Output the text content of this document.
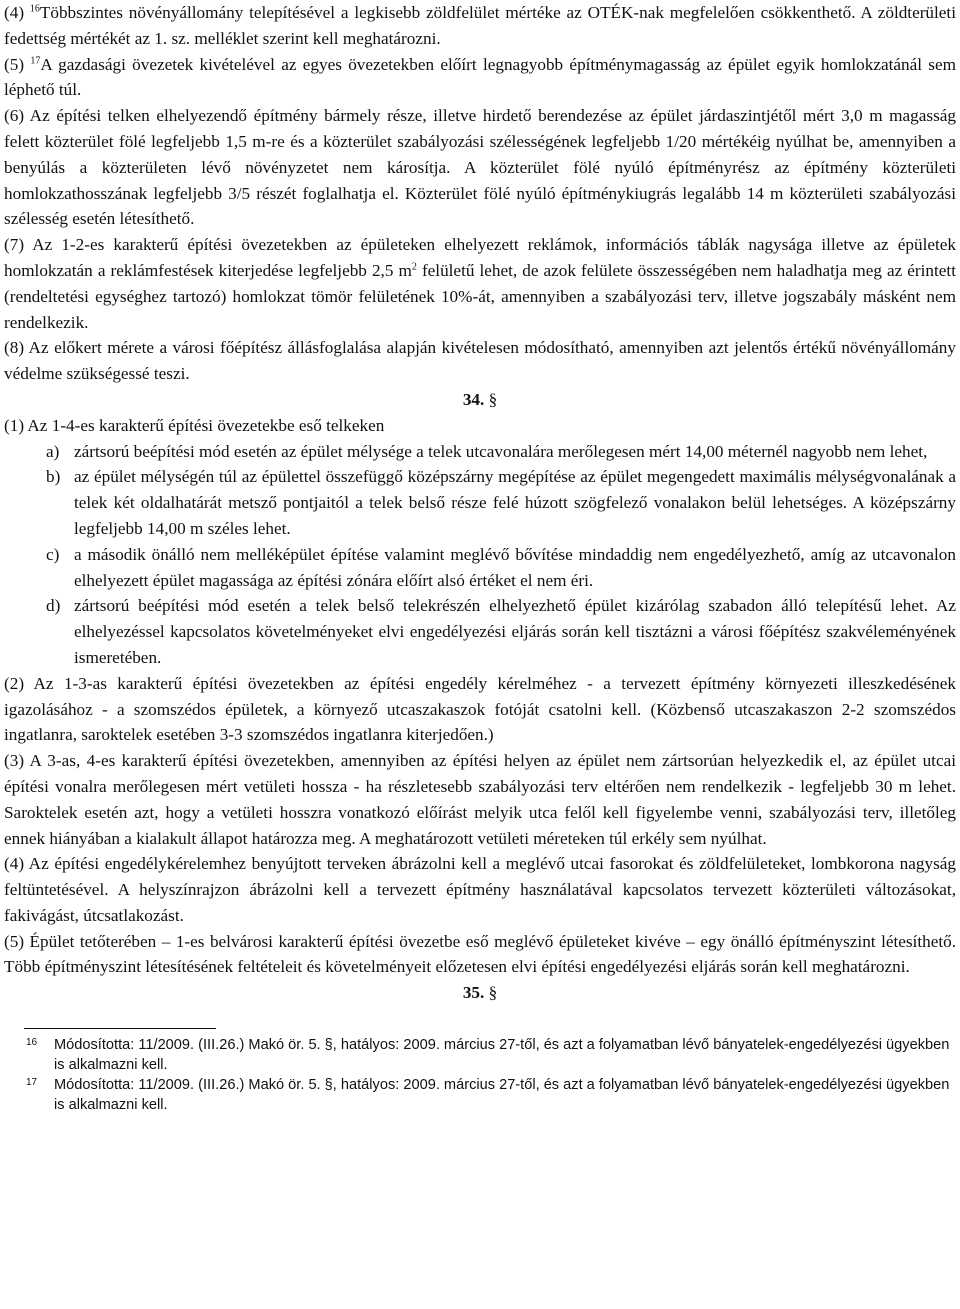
(4) $^{16}$Többszintes növényállomány telepítésével a legkisebb zöldfelület mértéke az OTÉK-nak megfelelően csökkenthető. A zöldterületi fedettség mértékét az 1. sz. melléklet szerint kell meghatározni.

(5) $^{17}$A gazdasági övezetek kivételével az egyes övezetekben előírt legnagyobb építménymagasság az épület egyik homlokzatánál sem léphető túl.

(6) Az építési telken elhelyezendő építmény bármely része, illetve hirdető berendezése az épület járdaszintjétől mért 3,0 m magasság felett közterület fölé legfeljebb 1,5 m-re és a közterület szabályozási szélességének legfeljebb 1/20 mértékéig nyúlhat be, amennyiben a benyúlás a közterületen lévő növényzetet nem károsítja. A közterület fölé nyúló építményrész az építmény közterületi homlokzathosszának legfeljebb 3/5 részét foglalhatja el. Közterület fölé nyúló építménykiugrás legalább 14 m közterületi szabályozási szélesség esetén létesíthető.

(7) Az 1-2-es karakterű építési övezetekben az épületeken elhelyezett reklámok, információs táblák nagysága illetve az épületek homlokzatán a reklámfestések kiterjedése legfeljebb 2,5 $m^2$ felületű lehet, de azok felülete összességében nem haladhatja meg az érintett (rendeltetési egységhez tartozó) homlokzat tömör felületének 10%-át, amennyiben a szabályozási terv, illetve jogszabály másként nem rendelkezik.

(8) Az előkert mérete a városi főépítész állásfoglalása alapján kivételesen módosítható, amennyiben azt jelentős értékű növényállomány védelme szükségessé teszi.

34. §

(1) Az 1-4-es karakterű építési övezetekbe eső telkeken

a) zártsorú beépítési mód esetén az épület mélysége a telek utcavonalára merőlegesen mért 14,00 méternél nagyobb nem lehet,
b) az épület mélységén túl az épülettel összefüggő középszárny megépítése az épület megengedett maximális mélységvonalának a telek két oldalhatárát metsző pontjaitól a telek belső része felé húzott szögfelező vonalakon belül lehetséges. A középszárny legfeljebb 14,00 m széles lehet.
c) a második önálló nem melléképület építése valamint meglévő bővítése mindaddig nem engedélyezhető, amíg az utcavonalon elhelyezett épület magassága az építési zónára előírt alsó értéket el nem éri.
d) zártsorú beépítési mód esetén a telek belső telekrészén elhelyezhető épület kizárólag szabadon álló telepítésű lehet. Az elhelyezéssel kapcsolatos követelményeket elvi engedélyezési eljárás során kell tisztázni a városi főépítész szakvéleményének ismeretében.

(2) Az 1-3-as karakterű építési övezetekben az építési engedély kérelméhez - a tervezett építmény környezeti illeszkedésének igazolásához - a szomszédos épületek, a környező utcaszakaszok fotóját csatolni kell. (Közbenső utcaszakaszon 2-2 szomszédos ingatlanra, saroktelek esetében 3-3 szomszédos ingatlanra kiterjedően.)

(3) A 3-as, 4-es karakterű építési övezetekben, amennyiben az építési helyen az épület nem zártsorúan helyezkedik el, az épület utcai építési vonalra merőlegesen mért vetületi hossza - ha részletesebb szabályozási terv eltérően nem rendelkezik - legfeljebb 30 m lehet. Saroktelek esetén azt, hogy a vetületi hosszra vonatkozó előírást melyik utca felől kell figyelembe venni, szabályozási terv, illetőleg ennek hiányában a kialakult állapot határozza meg. A meghatározott vetületi méreteken túl erkély sem nyúlhat.

(4) Az építési engedélykérelemhez benyújtott terveken ábrázolni kell a meglévő utcai fasorokat és zöldfelületeket, lombkorona nagyság feltüntetésével. A helyszínrajzon ábrázolni kell a tervezett építmény használatával kapcsolatos tervezett közterületi változásokat, fakivágást, útcsatlakozást.

(5) Épület tetőterében – 1-es belvárosi karakterű építési övezetbe eső meglévő épületeket kivéve – egy önálló építményszint létesíthető. Több építményszint létesítésének feltételeit és követelményeit előzetesen elvi építési engedélyezési eljárás során kell meghatározni.

35. §

16 Módosította: 11/2009. (III.26.) Makó ör. 5. §, hatályos: 2009. március 27-től, és azt a folyamatban lévő bányatelek-engedélyezési ügyekben is alkalmazni kell.
17 Módosította: 11/2009. (III.26.) Makó ör. 5. §, hatályos: 2009. március 27-től, és azt a folyamatban lévő bányatelek-engedélyezési ügyekben is alkalmazni kell.
